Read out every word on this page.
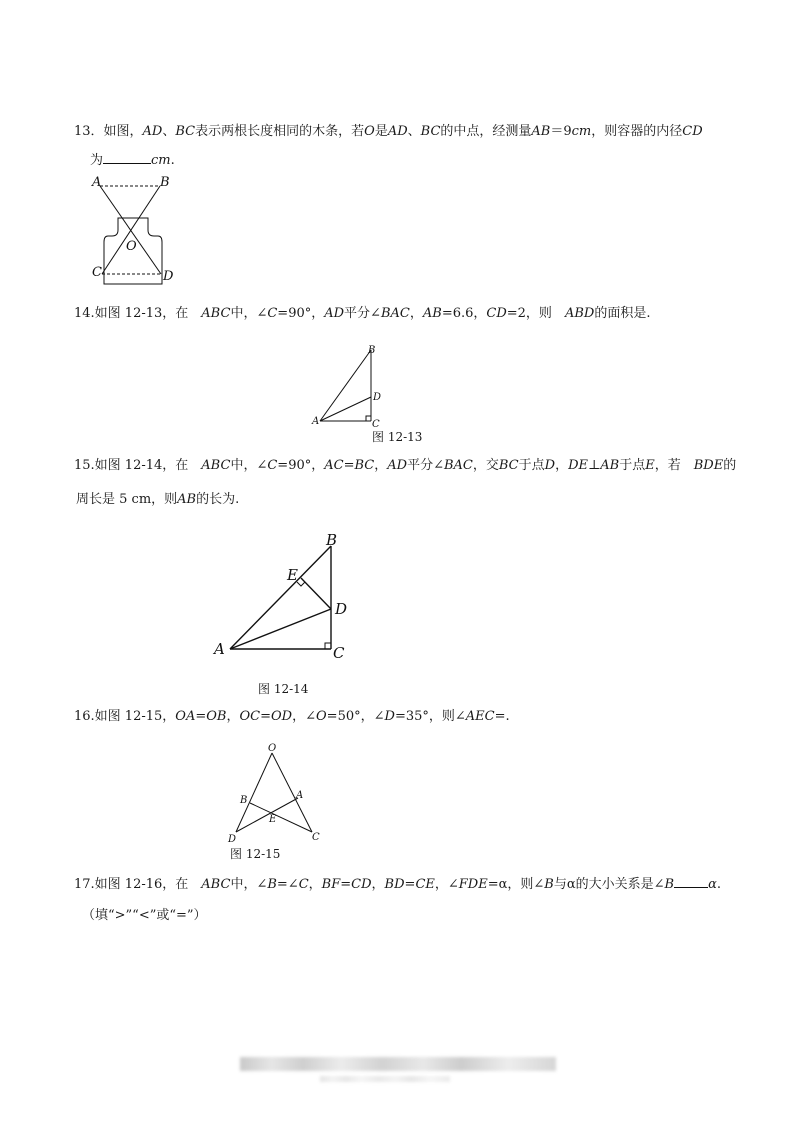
13．如图，AD、BC表示两根长度相同的木条，若O是AD、BC的中点，经测量AB＝9cm，则容器的内径CD
为	cm.
A	B
O
C	D
14.如图 12-13，在　ABC中，∠C=90°，AD平分∠BAC，AB=6.6，CD=2，则　ABD的面积是.
A
B
D
C
图 12-13
15.如图 12-14，在　ABC中，∠C=90°，AC=BC，AD平分∠BAC，交BC于点D，DE⊥AB于点E，若　BDE的
周长是 5 cm，则AB的长为.
A
B
D
C
E
图 12-14
16.如图 12-15，OA=OB，OC=OD，∠O=50°，∠D=35°，则∠AEC=.
O
B	A
E
D	C
图 12-15
17.如图 12-16，在　ABC中，∠B=∠C，BF=CD，BD=CE，∠FDE=α，则∠B与α的大小关系是∠B	α.
（填“>”“<”或“=”）
